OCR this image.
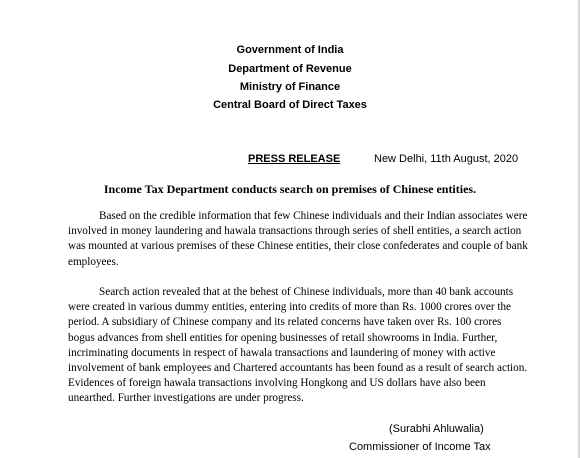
Government of India
Department of Revenue
Ministry of Finance
Central Board of Direct Taxes
PRESS RELEASE	New Delhi, 11th August, 2020
Income Tax Department conducts search on premises of Chinese entities.

Based on the credible information that few Chinese individuals and their Indian associates were involved in money laundering and hawala transactions through series of shell entities, a search action was mounted at various premises of these Chinese entities, their close confederates and couple of bank employees.

Search action revealed that at the behest of Chinese individuals, more than 40 bank accounts were created in various dummy entities, entering into credits of more than Rs. 1000 crores over the period. A subsidiary of Chinese company and its related concerns have taken over Rs. 100 crores bogus advances from shell entities for opening businesses of retail showrooms in India. Further, incriminating documents in respect of hawala transactions and laundering of money with active involvement of bank employees and Chartered accountants has been found as a result of search action. Evidences of foreign hawala transactions involving Hongkong and US dollars have also been unearthed. Further investigations are under progress.

(Surabhi Ahluwalia)
Commissioner of Income Tax
